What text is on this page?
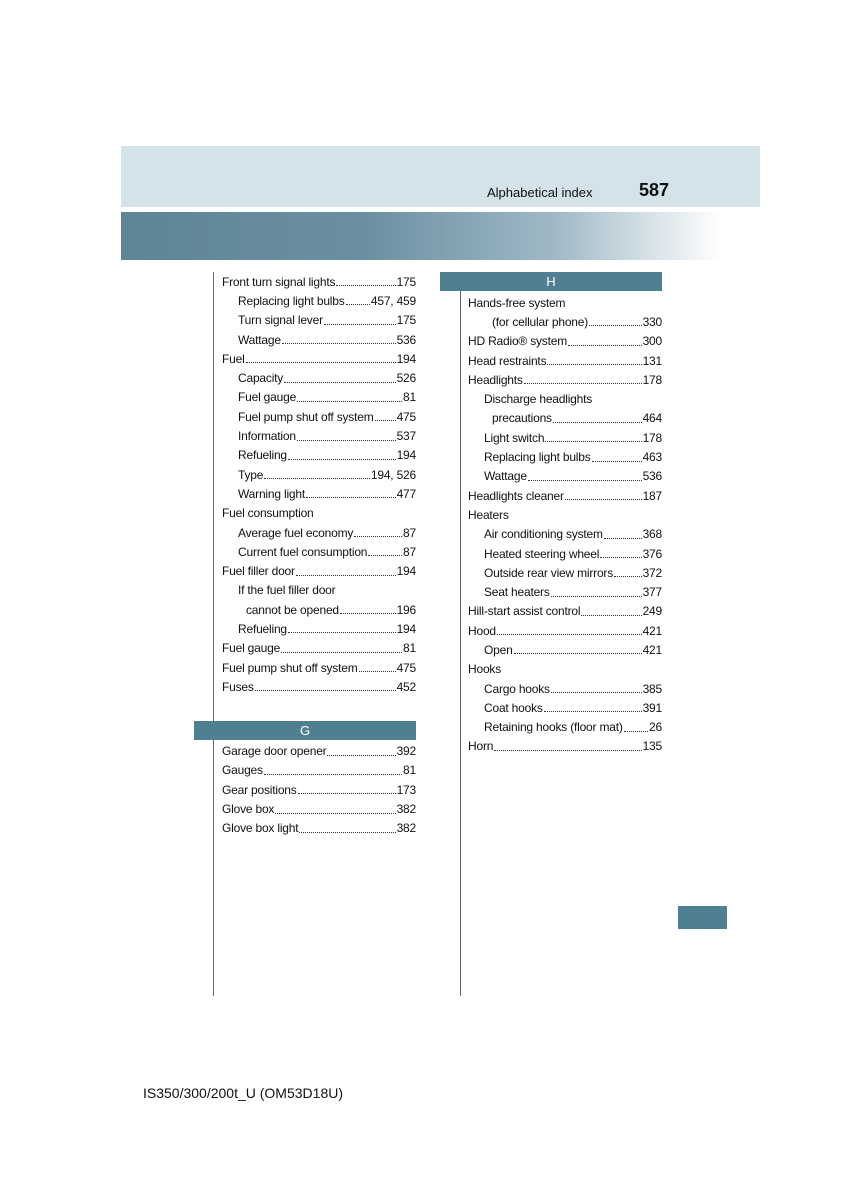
Alphabetical index	587
Front turn signal lights	175
Replacing light bulbs 457, 459
Turn signal lever	175
Wattage	536
Fuel	194
Capacity	526
Fuel gauge	81
Fuel pump shut off system 475
Information	537
Refueling	194
Type	194, 526
Warning light	477
Fuel consumption
Average fuel economy	87
Current fuel consumption	87
Fuel filler door	194
If the fuel filler door
cannot be opened	196
Refueling	194
Fuel gauge	81
Fuel pump shut off system	475
Fuses	452
G
Garage door opener	392
Gauges	81
Gear positions	173
Glove box	382
Glove box light	382
H
Hands-free system
(for cellular phone)	330
HD Radio® system	300
Head restraints	131
Headlights	178
Discharge headlights
precautions	464
Light switch	178
Replacing light bulbs	463
Wattage	536
Headlights cleaner	187
Heaters
Air conditioning system	368
Heated steering wheel	376
Outside rear view mirrors 372
Seat heaters	377
Hill-start assist control	249
Hood	421
Open	421
Hooks
Cargo hooks	385
Coat hooks	391
Retaining hooks (floor mat) 26
Horn	135
IS350/300/200t_U (OM53D18U)
